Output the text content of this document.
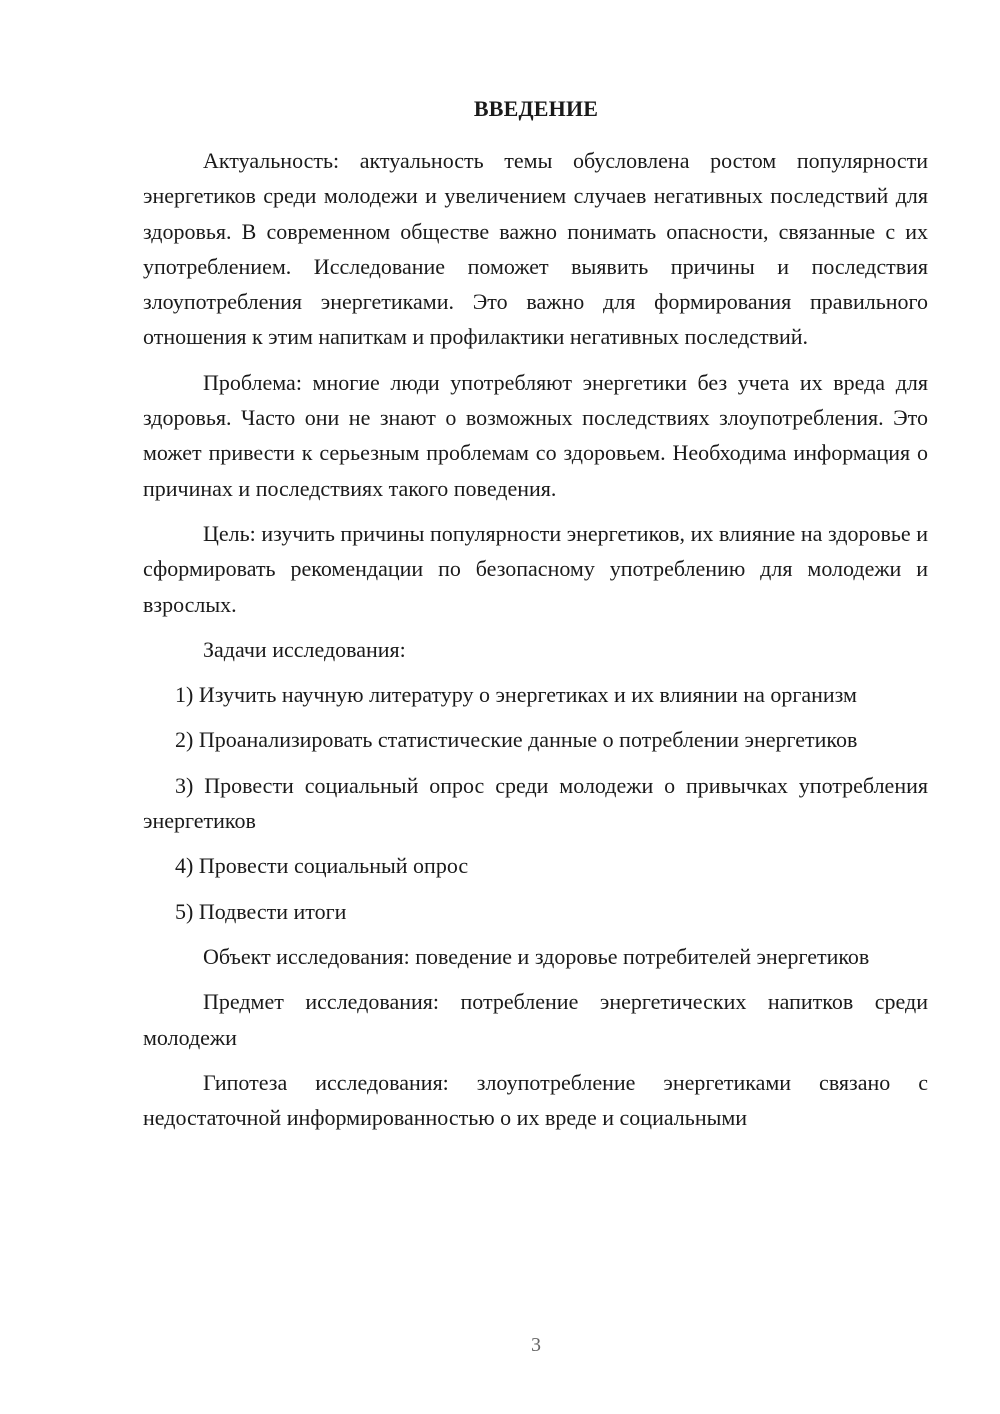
ВВЕДЕНИЕ

Актуальность: актуальность темы обусловлена ростом популярности энергетиков среди молодежи и увеличением случаев негативных последствий для здоровья. В современном обществе важно понимать опасности, связанные с их употреблением. Исследование поможет выявить причины и последствия злоупотребления энергетиками. Это важно для формирования правильного отношения к этим напиткам и профилактики негативных последствий.

Проблема: многие люди употребляют энергетики без учета их вреда для здоровья. Часто они не знают о возможных последствиях злоупотребления. Это может привести к серьезным проблемам со здоровьем. Необходима информация о причинах и последствиях такого поведения.

Цель: изучить причины популярности энергетиков, их влияние на здоровье и сформировать рекомендации по безопасному употреблению для молодежи и взрослых.

Задачи исследования:

1) Изучить научную литературу о энергетиках и их влиянии на организм

2) Проанализировать статистические данные о потреблении энергетиков

3) Провести социальный опрос среди молодежи о привычках употребления энергетиков

4) Провести социальный опрос

5) Подвести итоги

Объект исследования: поведение и здоровье потребителей энергетиков

Предмет исследования: потребление энергетических напитков среди молодежи

Гипотеза исследования: злоупотребление энергетиками связано с недостаточной информированностью о их вреде и социальными

3
